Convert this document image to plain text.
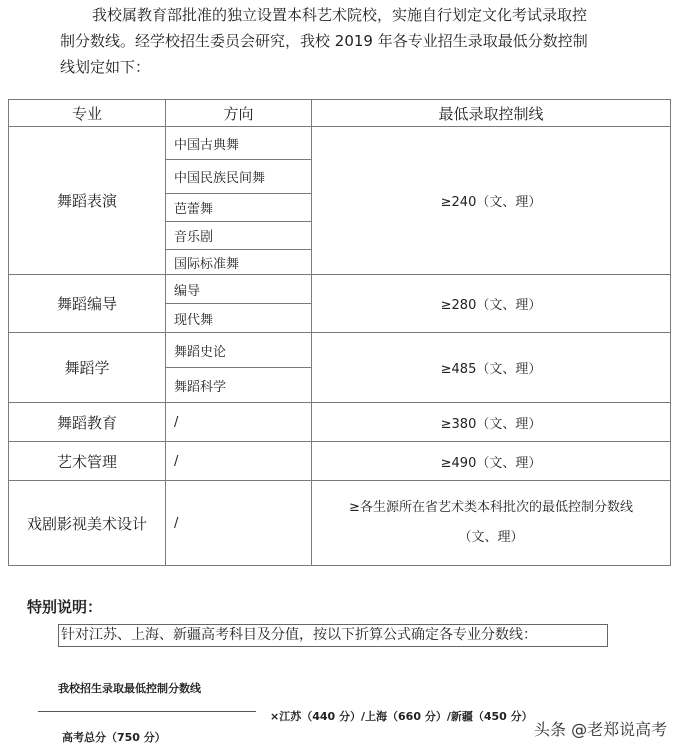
我校属教育部批准的独立设置本科艺术院校，实施自行划定文化考试录取控
制分数线。经学校招生委员会研究，我校 2019 年各专业招生录取最低分数控制
线划定如下：
专业	方向	最低录取控制线
舞蹈表演	中国古典舞	≥240（文、理）
	中国民族民间舞	
	芭蕾舞	
	音乐剧	
	国际标准舞	
舞蹈编导	编导	≥280（文、理）
	现代舞	
舞蹈学	舞蹈史论	≥485（文、理）
	舞蹈科学	
舞蹈教育	/	≥380（文、理）
艺术管理	/	≥490（文、理）
戏剧影视美术设计	/	≥各生源所在省艺术类本科批次的最低控制分数线
（文、理）
特别说明：
针对江苏、上海、新疆高考科目及分值，按以下折算公式确定各专业分数线：
我校招生录取最低控制分数线
×江苏（440 分）/上海（660 分）/新疆（450 分）
高考总分（750 分）	头条 @老郑说高考
